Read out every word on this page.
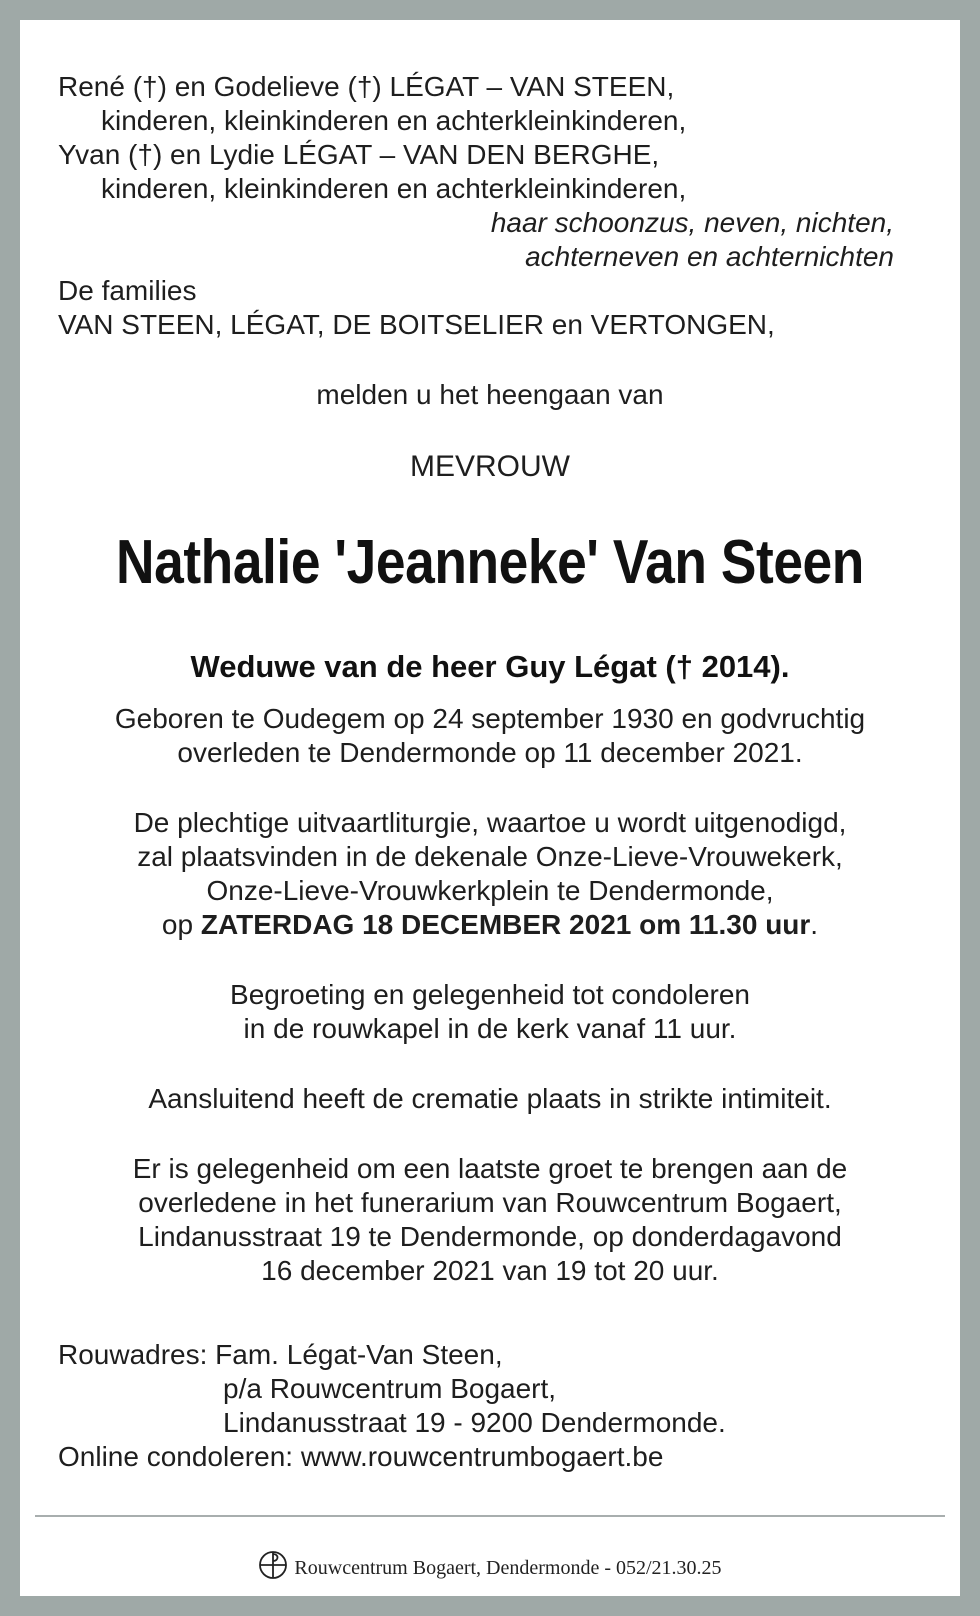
René (†) en Godelieve (†) LÉGAT – VAN STEEN,
kinderen, kleinkinderen en achterkleinkinderen,
Yvan (†) en Lydie LÉGAT – VAN DEN BERGHE,
kinderen, kleinkinderen en achterkleinkinderen,
haar schoonzus, neven, nichten,
achterneven en achternichten
De families
VAN STEEN, LÉGAT, DE BOITSELIER en VERTONGEN,
melden u het heengaan van
MEVROUW
Nathalie 'Jeanneke' Van Steen
Weduwe van de heer Guy Légat († 2014).
Geboren te Oudegem op 24 september 1930 en godvruchtig
overleden te Dendermonde op 11 december 2021.
De plechtige uitvaartliturgie, waartoe u wordt uitgenodigd,
zal plaatsvinden in de dekenale Onze-Lieve-Vrouwekerk,
Onze-Lieve-Vrouwkerkplein te Dendermonde,
op ZATERDAG 18 DECEMBER 2021 om 11.30 uur.
Begroeting en gelegenheid tot condoleren
in de rouwkapel in de kerk vanaf 11 uur.
Aansluitend heeft de crematie plaats in strikte intimiteit.
Er is gelegenheid om een laatste groet te brengen aan de
overledene in het funerarium van Rouwcentrum Bogaert,
Lindanusstraat 19 te Dendermonde, op donderdagavond
16 december 2021 van 19 tot 20 uur.
Rouwadres: Fam. Légat-Van Steen,
p/a Rouwcentrum Bogaert,
Lindanusstraat 19 - 9200 Dendermonde.
Online condoleren: www.rouwcentrumbogaert.be
Rouwcentrum Bogaert, Dendermonde - 052/21.30.25
